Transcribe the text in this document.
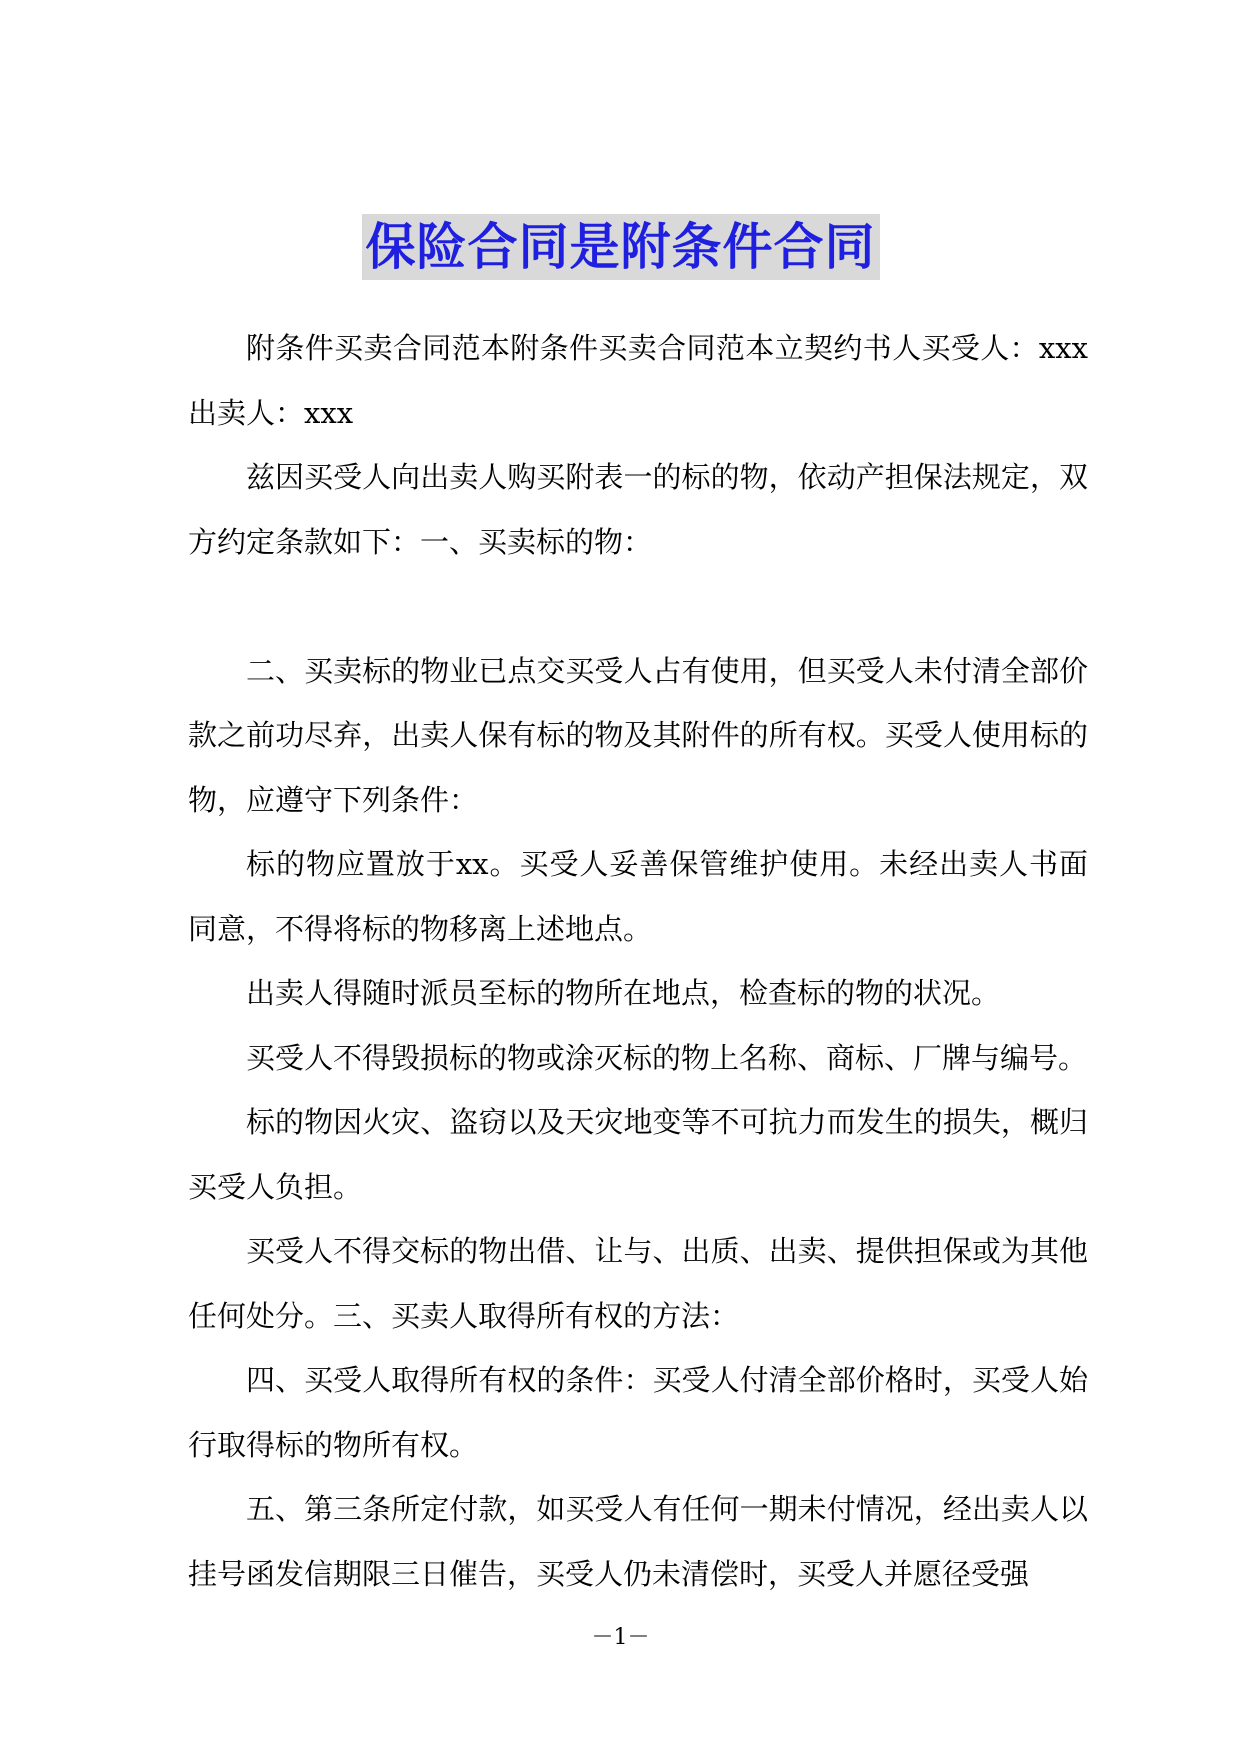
保险合同是附条件合同

附条件买卖合同范本附条件买卖合同范本立契约书人买受人：xxx出卖人：xxx

兹因买受人向出卖人购买附表一的标的物，依动产担保法规定，双方约定条款如下：一、买卖标的物：

二、买卖标的物业已点交买受人占有使用，但买受人未付清全部价款之前功尽弃，出卖人保有标的物及其附件的所有权。买受人使用标的物，应遵守下列条件：

标的物应置放于xx。买受人妥善保管维护使用。未经出卖人书面同意，不得将标的物移离上述地点。

出卖人得随时派员至标的物所在地点，检查标的物的状况。

买受人不得毁损标的物或涂灭标的物上名称、商标、厂牌与编号。

标的物因火灾、盗窃以及天灾地变等不可抗力而发生的损失，概归买受人负担。

买受人不得交标的物出借、让与、出质、出卖、提供担保或为其他任何处分。三、买卖人取得所有权的方法：

四、买受人取得所有权的条件：买受人付清全部价格时，买受人始行取得标的物所有权。

五、第三条所定付款，如买受人有任何一期未付情况，经出卖人以挂号函发信期限三日催告，买受人仍未清偿时，买受人并愿径受强

－1－
